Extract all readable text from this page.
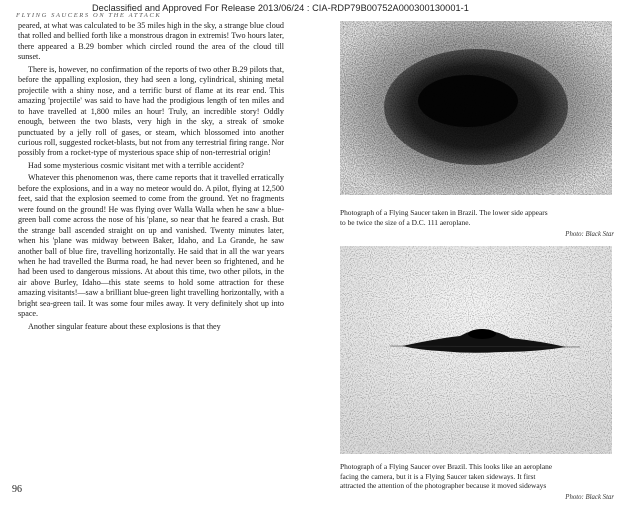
Declassified and Approved For Release 2013/06/24 : CIA-RDP79B00752A000300130001-1
FLYING SAUCERS ON THE ATTACK

peared, at what was calculated to be 35 miles high in the sky, a strange blue cloud that rolled and bellied forth like a monstrous dragon in extremis! Two hours later, there appeared a B.29 bomber which circled round the area of the cloud till sunset.

There is, however, no confirmation of the reports of two other B.29 pilots that, before the appalling explosion, they had seen a long, cylindrical, shining metal projectile with a shiny nose, and a terrific burst of flame at its rear end. This amazing 'projectile' was said to have had the prodigious length of ten miles and to have travelled at 1,800 miles an hour! Truly, an incredible story! Oddly enough, between the two blasts, very high in the sky, a streak of smoke punctuated by a jelly roll of gases, or steam, which blossomed into another curious roll, suggested rocket-blasts, but not from any terrestrial firing range. Nor possibly from a rocket-type of mysterious space ship of non-terrestrial origin!

Had some mysterious cosmic visitant met with a terrible accident?

Whatever this phenomenon was, there came reports that it travelled erratically before the explosions, and in a way no meteor would do. A pilot, flying at 12,500 feet, said that the explosion seemed to come from the ground. Yet no fragments were found on the ground! He was flying over Walla Walla when he saw a blue-green ball come across the nose of his 'plane, so near that he feared a crash. But the strange ball ascended straight on up and vanished. Twenty minutes later, when his 'plane was midway between Baker, Idaho, and La Grande, he saw another ball of blue fire, travelling horizontally. He said that in all the war years when he had travelled the Burma road, he had never been so frightened, and he had been used to dangerous missions. At about this time, two other pilots, in the air above Burley, Idaho—this state seems to hold some attraction for these amazing visitants!—saw a brilliant blue-green light travelling horizontally, with a bright sea-green tail. It was some four miles away. It very definitely shot up into space.

Another singular feature about these explosions is that they

96
Photograph of a Flying Saucer taken in Brazil. The lower side appears
to be twice the size of a D.C. 111 aeroplane.
Photo: Black Star
Photograph of a Flying Saucer over Brazil. This looks like an aeroplane
facing the camera, but it is a Flying Saucer taken sideways. It first
attracted the attention of the photographer because it moved sideways
Photo: Black Star
